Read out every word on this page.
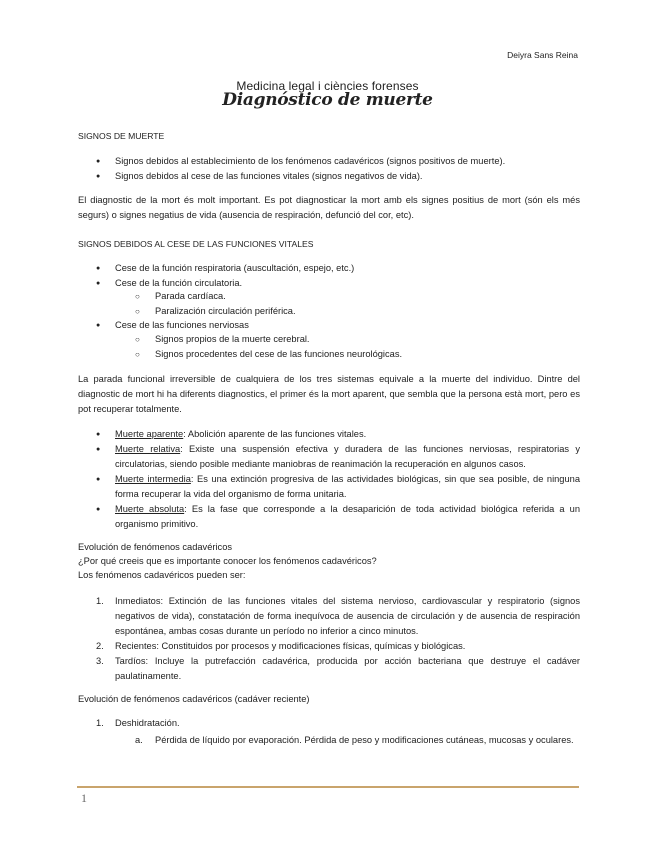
Deiyra Sans Reina
Medicina legal i ciències forenses
Diagnóstico de muerte
SIGNOS DE MUERTE
● Signos debidos al establecimiento de los fenómenos cadavéricos (signos positivos de muerte).
● Signos debidos al cese de las funciones vitales (signos negativos de vida).

El diagnostic de la mort és molt important. Es pot diagnosticar la mort amb els signes positius de mort (són els més segurs) o signes negatius de vida (ausencia de respiración, defunció del cor, etc).

SIGNOS DEBIDOS AL CESE DE LAS FUNCIONES VITALES
● Cese de la función respiratoria (auscultación, espejo, etc.)
● Cese de la función circulatoria.
○ Parada cardíaca.
○ Paralización circulación periférica.
● Cese de las funciones nerviosas
○ Signos propios de la muerte cerebral.
○ Signos procedentes del cese de las funciones neurológicas.

La parada funcional irreversible de cualquiera de los tres sistemas equivale a la muerte del individuo. Dintre del diagnostic de mort hi ha diferents diagnostics, el primer és la mort aparent, que sembla que la persona està mort, pero es pot recuperar totalmente.

● Muerte aparente: Abolición aparente de las funciones vitales.
● Muerte relativa: Existe una suspensión efectiva y duradera de las funciones nerviosas, respiratorias y circulatorias, siendo posible mediante maniobras de reanimación la recuperación en algunos casos.
● Muerte intermedia: Es una extinción progresiva de las actividades biológicas, sin que sea posible, de ninguna forma recuperar la vida del organismo de forma unitaria.
● Muerte absoluta: Es la fase que corresponde a la desaparición de toda actividad biológica referida a un organismo primitivo.
Evolución de fenómenos cadavéricos
¿Por qué creeis que es importante conocer los fenómenos cadavéricos?
Los fenómenos cadavéricos pueden ser:
1. Inmediatos: Extinción de las funciones vitales del sistema nervioso, cardiovascular y respiratorio (signos negativos de vida), constatación de forma inequívoca de ausencia de circulación y de ausencia de respiración espontánea, ambas cosas durante un período no inferior a cinco minutos.
2. Recientes: Constituidos por procesos y modificaciones físicas, químicas y biológicas.
3. Tardíos: Incluye la putrefacción cadavérica, producida por acción bacteriana que destruye el cadáver paulatinamente.
Evolución de fenómenos cadavéricos (cadáver reciente)
1. Deshidratación.
a. Pérdida de líquido por evaporación. Pérdida de peso y modificaciones cutáneas, mucosas y oculares.
1
